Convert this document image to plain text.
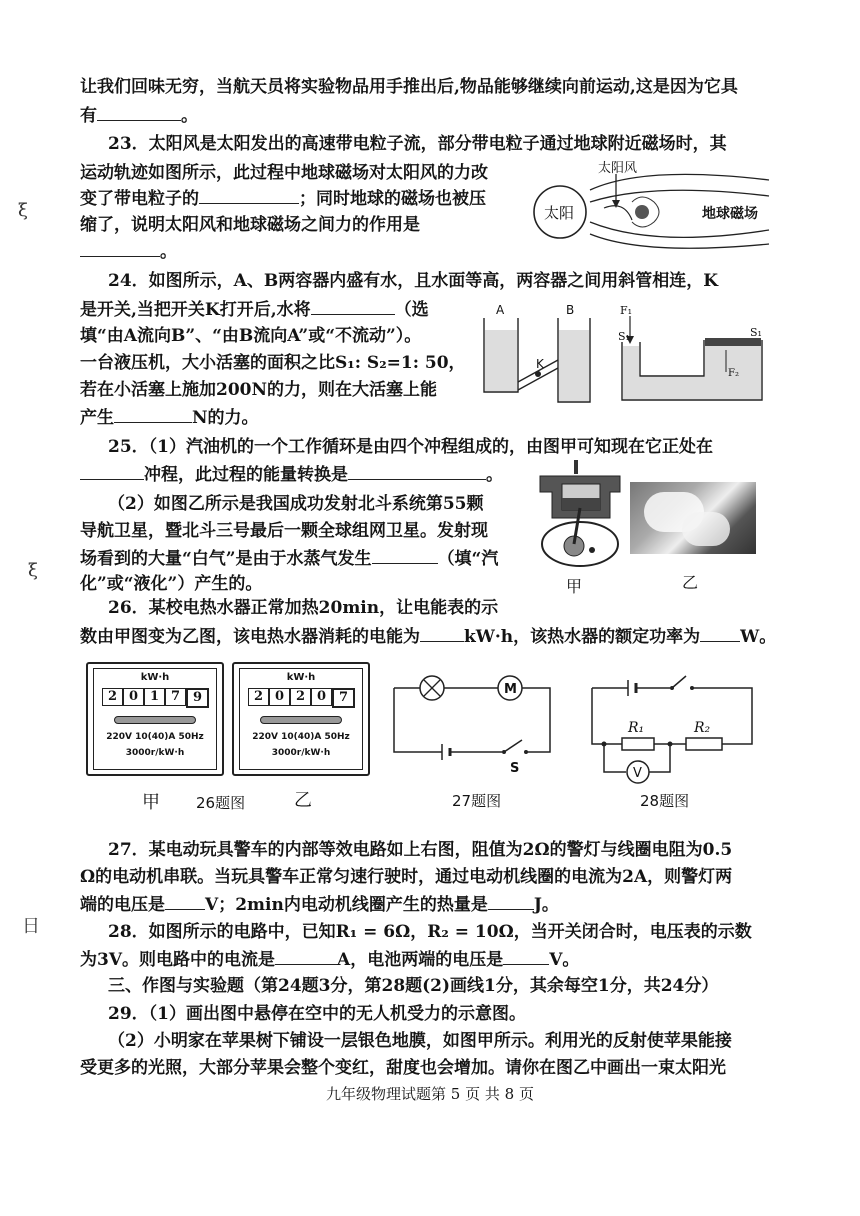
ξ
ξ
日
让我们回味无穷，当航天员将实验物品用手推出后,物品能够继续向前运动,这是因为它具
有	。
23．太阳风是太阳发出的高速带电粒子流，部分带电粒子通过地球附近磁场时，其
运动轨迹如图所示，此过程中地球磁场对太阳风的力改
变了带电粒子的	；同时地球的磁场也被压
缩了，说明太阳风和地球磁场之间力的作用是
。
太阳
太阳风
地球磁场
24．如图所示，A、B两容器内盛有水，且水面等高，两容器之间用斜管相连，K
是开关,当把开关K打开后,水将	（选
填“由A流向B”、“由B流向A”或“不流动”）。
一台液压机，大小活塞的面积之比S₁: S₂=1: 50，
若在小活塞上施加200N的力，则在大活塞上能
产生	N的力。
A	B
K
F₁
S₁	S₁
F₂
25．（1）汽油机的一个工作循环是由四个冲程组成的，由图甲可知现在它正处在
冲程，此过程的能量转换是	。
（2）如图乙所示是我国成功发射北斗系统第55颗
导航卫星，暨北斗三号最后一颗全球组网卫星。发射现
场看到的大量“白气”是由于水蒸气发生	（填“汽
化”或“液化”）产生的。	甲	乙
26．某校电热水器正常加热20min，让电能表的示
数由甲图变为乙图，该电热水器消耗的电能为	kW·h，该热水器的额定功率为 W。
kW·h
2 0 1 7 9
220V 10(40)A 50Hz
3000r/kW·h
甲
kW·h
2 0 2 0 7
220V 10(40)A 50Hz
3000r/kW·h
乙
26题图
M
S
27题图
R₁	R₂
V
28题图
27．某电动玩具警车的内部等效电路如上右图，阻值为2Ω的警灯与线圈电阻为0.5
Ω的电动机串联。当玩具警车正常匀速行驶时，通过电动机线圈的电流为2A，则警灯两
端的电压是 V；2min内电动机线圈产生的热量是	J。
28．如图所示的电路中，已知R₁ = 6Ω，R₂ = 10Ω，当开关闭合时，电压表的示数
为3V。则电路中的电流是	A，电池两端的电压是	V。
三、作图与实验题（第24题3分，第28题(2)画线1分，其余每空1分，共24分）
29．（1）画出图中悬停在空中的无人机受力的示意图。
（2）小明家在苹果树下铺设一层银色地膜，如图甲所示。利用光的反射使苹果能接
受更多的光照，大部分苹果会整个变红，甜度也会增加。请你在图乙中画出一束太阳光
九年级物理试题第 5 页 共 8 页
